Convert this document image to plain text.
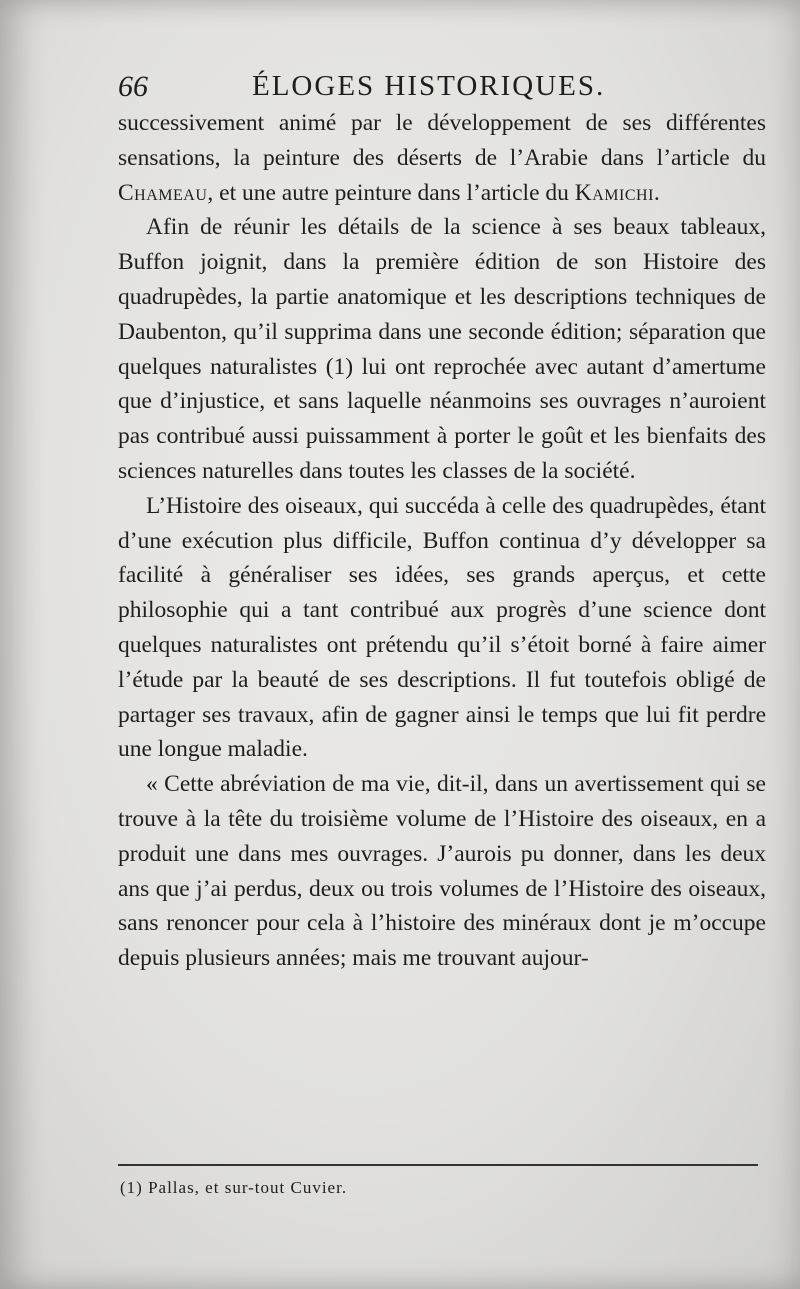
66	ÉLOGES HISTORIQUES.

successivement animé par le développement de ses différentes sensations, la peinture des déserts de l’Arabie dans l’article du Chameau, et une autre peinture dans l’article du Kamichi.

Afin de réunir les détails de la science à ses beaux tableaux, Buffon joignit, dans la première édition de son Histoire des quadrupèdes, la partie anatomique et les descriptions techniques de Daubenton, qu’il supprima dans une seconde édition; séparation que quelques naturalistes (1) lui ont reprochée avec autant d’amertume que d’injustice, et sans laquelle néanmoins ses ouvrages n’auroient pas contribué aussi puissamment à porter le goût et les bienfaits des sciences naturelles dans toutes les classes de la société.

L’Histoire des oiseaux, qui succéda à celle des quadrupèdes, étant d’une exécution plus difficile, Buffon continua d’y développer sa facilité à généraliser ses idées, ses grands aperçus, et cette philosophie qui a tant contribué aux progrès d’une science dont quelques naturalistes ont prétendu qu’il s’étoit borné à faire aimer l’étude par la beauté de ses descriptions. Il fut toutefois obligé de partager ses travaux, afin de gagner ainsi le temps que lui fit perdre une longue maladie.

« Cette abréviation de ma vie, dit-il, dans un avertissement qui se trouve à la tête du troisième volume de l’Histoire des oiseaux, en a produit une dans mes ouvrages. J’aurois pu donner, dans les deux ans que j’ai perdus, deux ou trois volumes de l’Histoire des oiseaux, sans renoncer pour cela à l’histoire des minéraux dont je m’occupe depuis plusieurs années; mais me trouvant aujour-

(1) Pallas, et sur-tout Cuvier.
